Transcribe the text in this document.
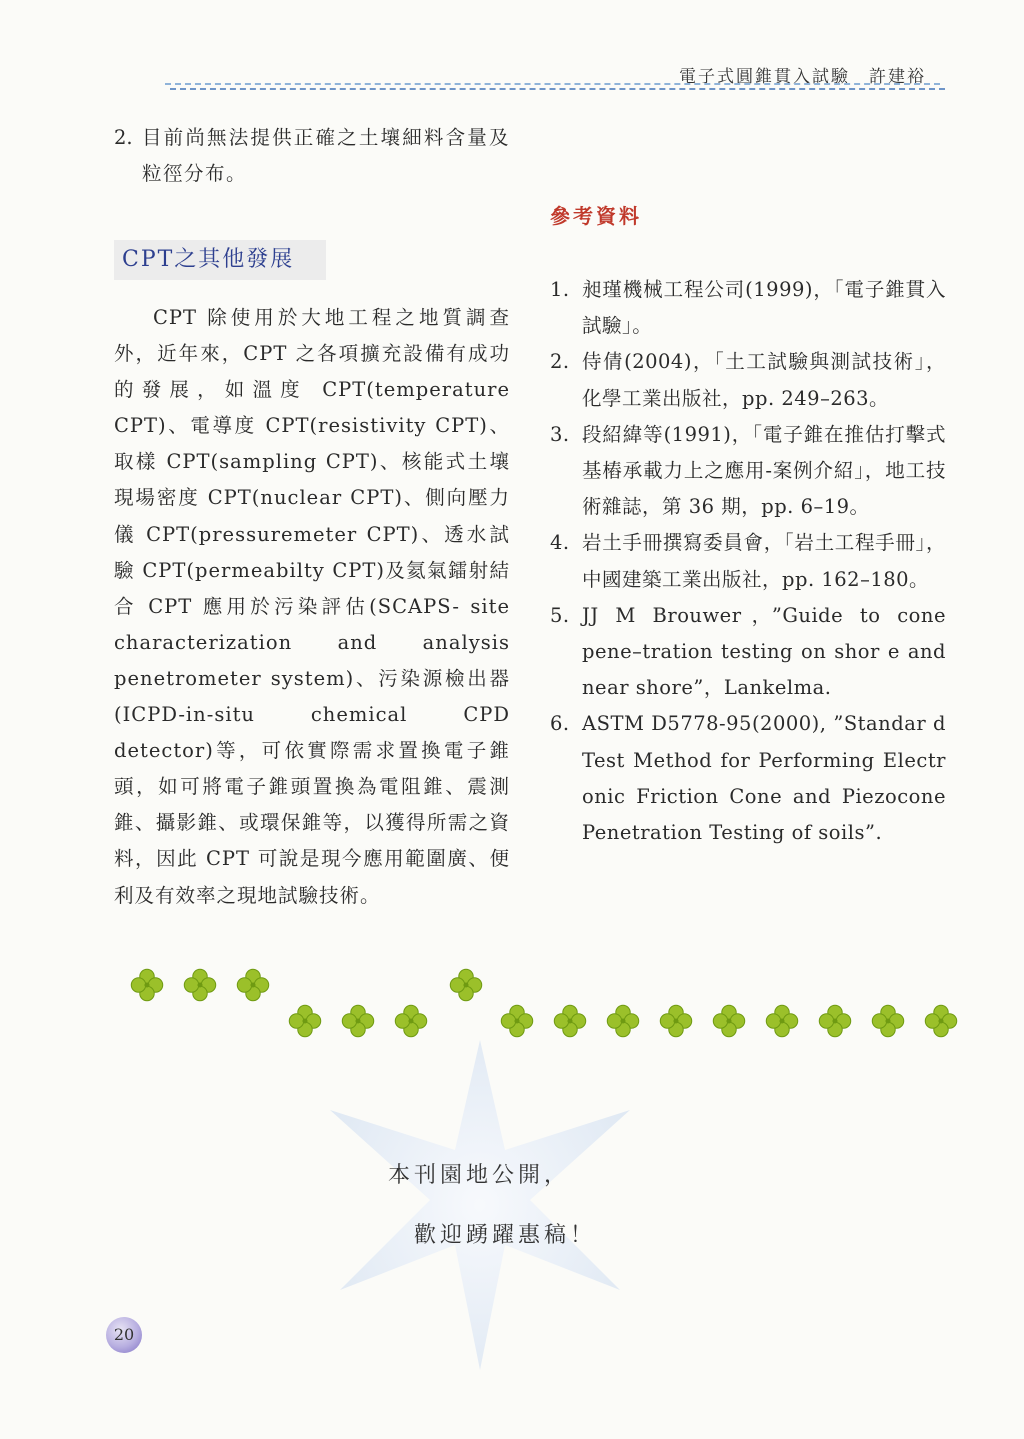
電子式圓錐貫入試驗　許建裕
2. 目前尚無法提供正確之土壤細料含量及粒徑分布。
CPT之其他發展
CPT 除使用於大地工程之地質調查外，近年來，CPT 之各項擴充設備有成功的發展，如溫度 CPT(temperature CPT)、電導度 CPT(resistivity CPT)、取樣 CPT(sampling CPT)、核能式土壤現場密度 CPT(nuclear CPT)、側向壓力儀 CPT(pressuremeter CPT)、透水試驗 CPT(permeabilty CPT)及氦氣鐳射結合 CPT 應用於污染評估(SCAPS- site characterization and analysis penetrometer system)、污染源檢出器 (ICPD-in-situ chemical CPD detector)等，可依實際需求置換電子錐頭，如可將電子錐頭置換為電阻錐、震測錐、攝影錐、或環保錐等，以獲得所需之資料，因此 CPT 可說是現今應用範圍廣、便利及有效率之現地試驗技術。
參考資料
1. 昶瑾機械工程公司(1999)，「電子錐貫入試驗」。
2. 侍倩(2004)，「土工試驗與測試技術」，化學工業出版社，pp. 249–263。
3. 段紹緯等(1991)，「電子錐在推估打擊式基樁承載力上之應用-案例介紹」，地工技術雜誌，第 36 期，pp. 6–19。
4. 岩土手冊撰寫委員會，「岩土工程手冊」，中國建築工業出版社，pp. 162–180。
5. JJ M Brouwer，”Guide to cone pene–tration testing on shor e and near shore”，Lankelma.
6. ASTM D5778-95(2000), ”Standar d Test Method for Performing Electr onic Friction Cone and Piezocone Penetration Testing of soils”.
本刊園地公開，
歡迎踴躍惠稿！
20
